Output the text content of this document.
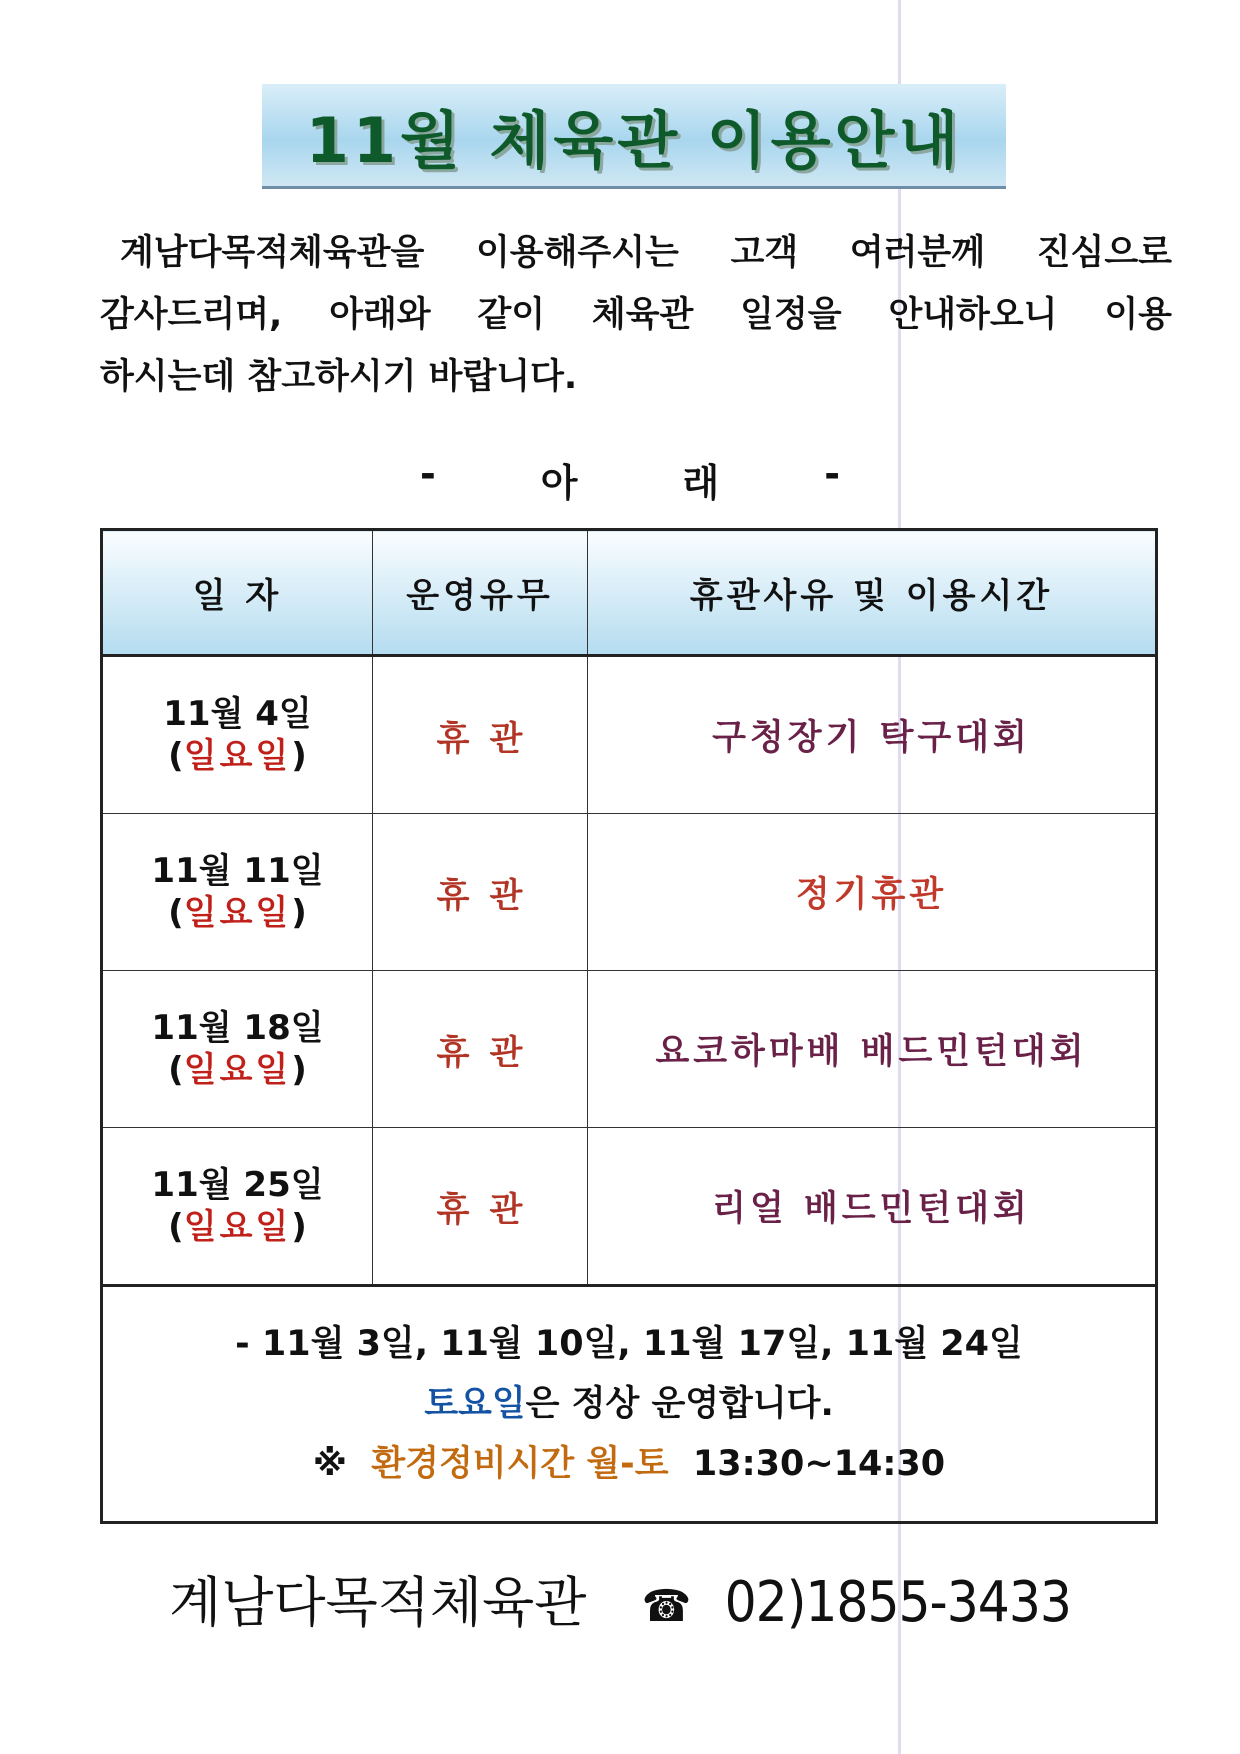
11월 체육관 이용안내

계남다목적체육관을 이용해주시는 고객 여러분께 진심으로

감사드리며, 아래와 같이 체육관 일정을 안내하오니 이용

하시는데 참고하시기 바랍니다.

-	아	래	-
일 자	운영유무	휴관사유 및 이용시간

11월 4일
(일요일)	휴관	구청장기 탁구대회

11월 11일
(일요일)	휴관	정기휴관

11월 18일
(일요일)	휴관	요코하마배 배드민턴대회

11월 25일
(일요일)	휴관	리얼 배드민턴대회

- 11월 3일, 11월 10일, 11월 17일, 11월 24일
토요일은 정상 운영합니다.
※ 환경정비시간 월-토 13:30~14:30		
계남다목적체육관 ☎ 02)1855-3433
